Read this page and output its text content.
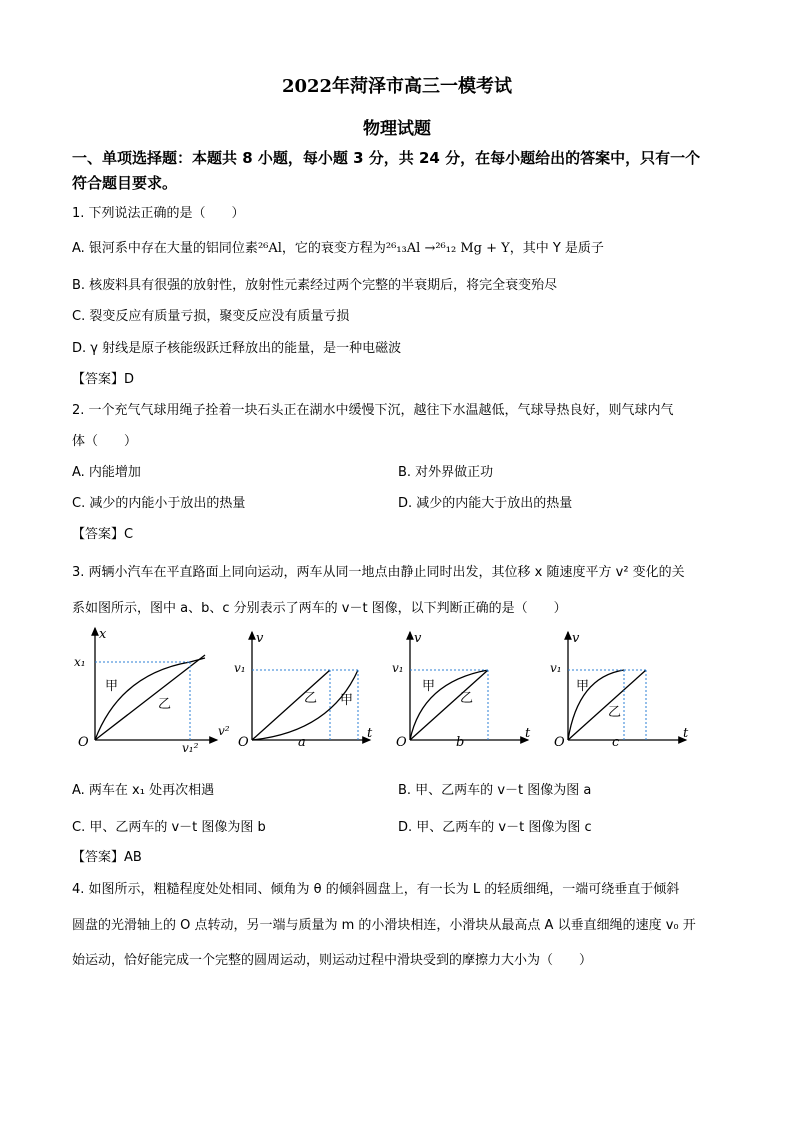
2022年菏泽市高三一模考试
物理试题
一、单项选择题：本题共 8 小题，每小题 3 分，共 24 分，在每小题给出的答案中，只有一个
符合题目要求。
1. 下列说法正确的是（　　）
A. 银河系中存在大量的铝同位素²⁶Al，它的衰变方程为²⁶₁₃Al →²⁶₁₂ Mg + Y，其中 Y 是质子
B. 核废料具有很强的放射性，放射性元素经过两个完整的半衰期后，将完全衰变殆尽
C. 裂变反应有质量亏损，聚变反应没有质量亏损
D. γ 射线是原子核能级跃迁释放出的能量，是一种电磁波
【答案】D
2. 一个充气气球用绳子拴着一块石头正在湖水中缓慢下沉，越往下水温越低，气球导热良好，则气球内气
体（　　）
A. 内能增加	B. 对外界做正功
C. 减少的内能小于放出的热量	D. 减少的内能大于放出的热量
【答案】C
3. 两辆小汽车在平直路面上同向运动，两车从同一地点由静止同时出发，其位移 x 随速度平方 v² 变化的关
系如图所示，图中 a、b、c 分别表示了两车的 v－t 图像，以下判断正确的是（　　）
x
x₁
v²
v₁²
O
甲
乙
v
v₁
t
O
乙 甲
a
v
v₁
t
O
甲
乙
b
v
v₁
t
O
甲
乙
c
A. 两车在 x₁ 处再次相遇	B. 甲、乙两车的 v－t 图像为图 a
C. 甲、乙两车的 v－t 图像为图 b	D. 甲、乙两车的 v－t 图像为图 c
【答案】AB
4. 如图所示，粗糙程度处处相同、倾角为 θ 的倾斜圆盘上，有一长为 L 的轻质细绳，一端可绕垂直于倾斜
圆盘的光滑轴上的 O 点转动，另一端与质量为 m 的小滑块相连，小滑块从最高点 A 以垂直细绳的速度 v₀ 开
始运动，恰好能完成一个完整的圆周运动，则运动过程中滑块受到的摩擦力大小为（　　）
